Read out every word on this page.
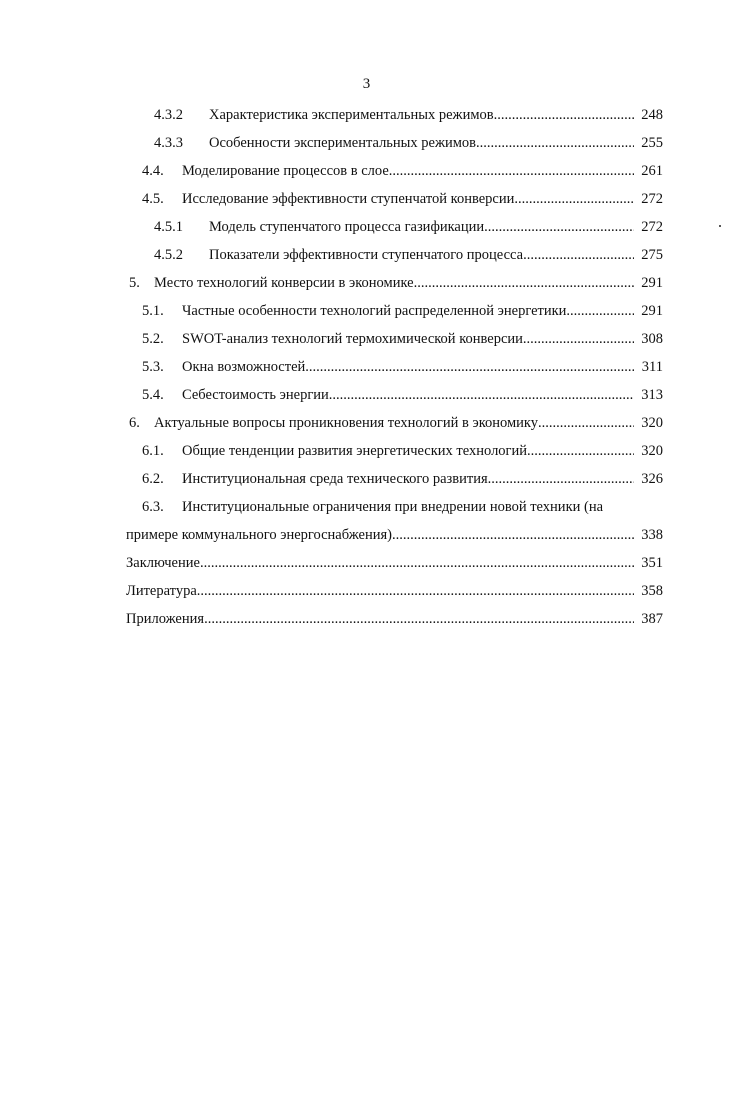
3
4.3.2 Характеристика экспериментальных режимов .....	248
4.3.3 Особенности экспериментальных режимов .....	255
4.4. Моделирование процессов в слое .....	261
4.5. Исследование эффективности ступенчатой конверсии .....	272
4.5.1 Модель ступенчатого процесса газификации .....	272
4.5.2 Показатели эффективности ступенчатого процесса .....	275
5. Место технологий конверсии в экономике .....	291
5.1. Частные особенности технологий распределенной энергетики .....	291
5.2. SWOT-анализ технологий термохимической конверсии .....	308
5.3. Окна возможностей .....	311
5.4. Себестоимость энергии .....	313
6. Актуальные вопросы проникновения технологий в экономику .....	320
6.1. Общие тенденции развития энергетических технологий .....	320
6.2. Институциональная среда технического развития .....	326
6.3. Институциональные ограничения при внедрении новой техники (на
примере коммунального энергоснабжения) .....	338
Заключение .....	351
Литература .....	358
Приложения .....	387
